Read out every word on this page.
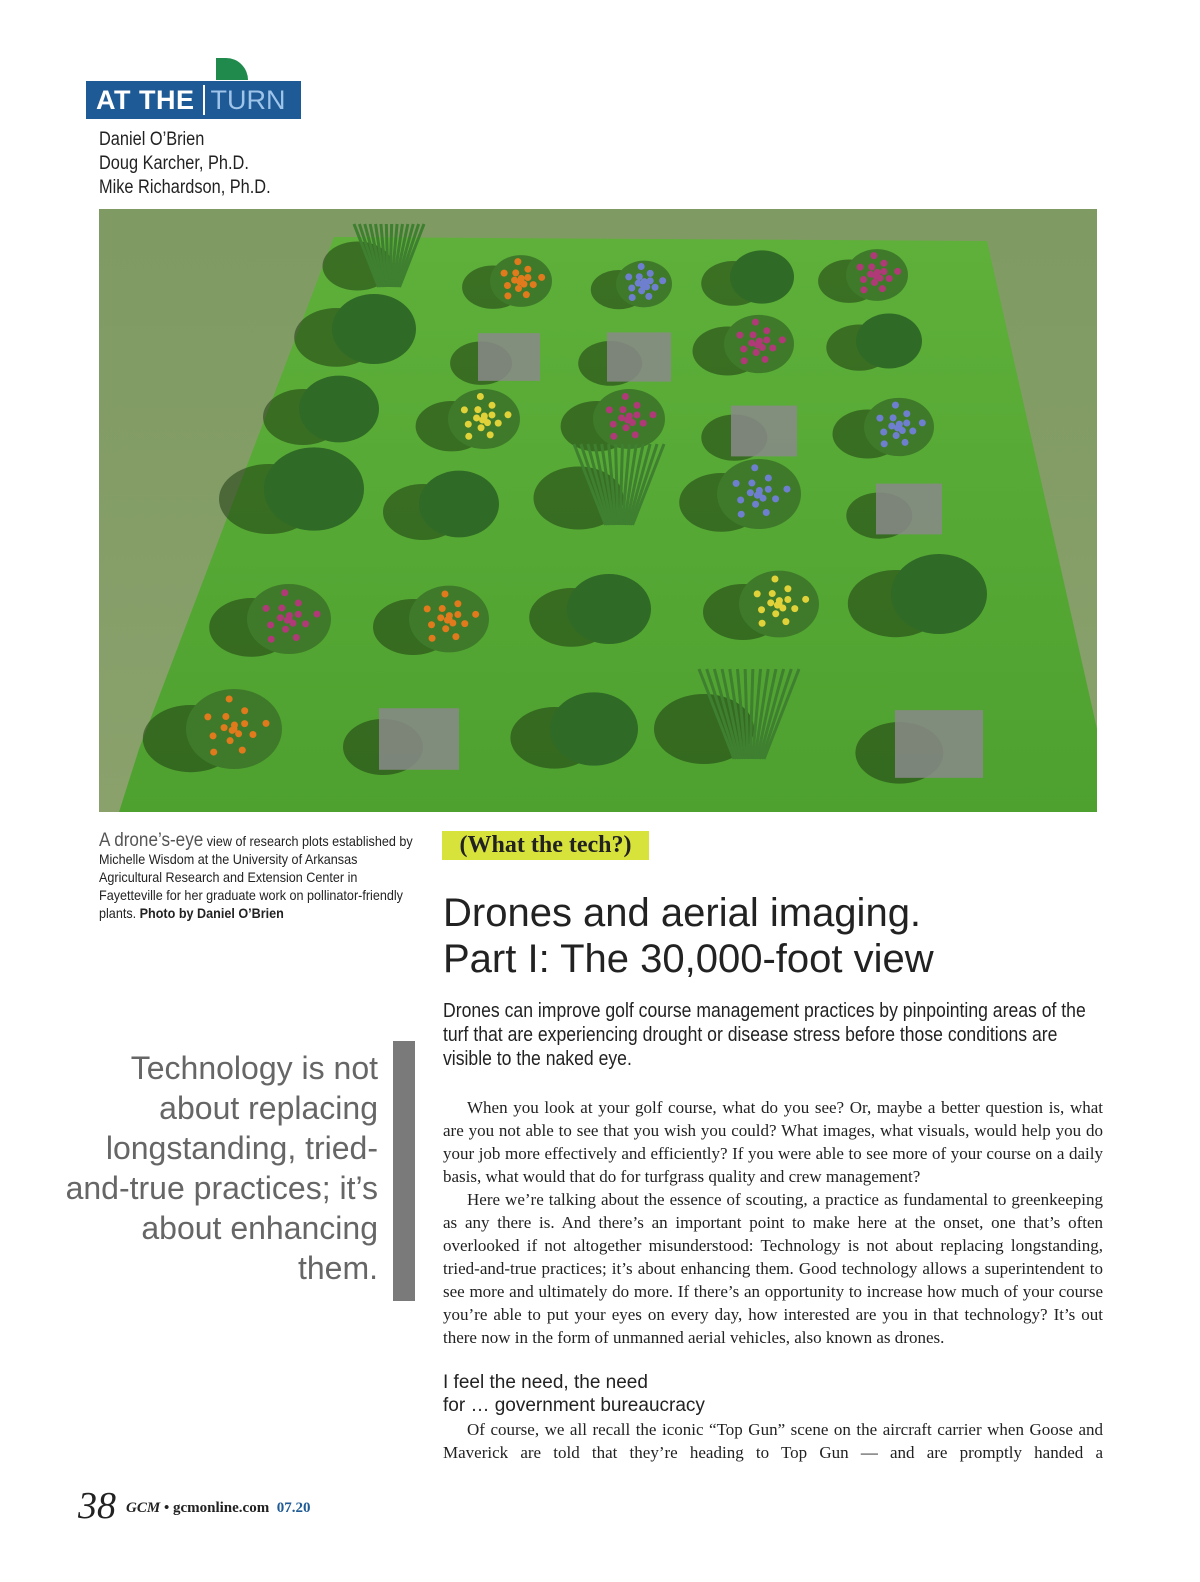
AT THE TURN
Daniel O’Brien
Doug Karcher, Ph.D.
Mike Richardson, Ph.D.
A drone’s-eye view of research plots established by Michelle Wisdom at the University of Arkansas Agricultural Research and Extension Center in Fayetteville for her graduate work on pollinator-friendly plants. Photo by Daniel O’Brien
(What the tech?)
Drones and aerial imaging.
Part I: The 30,000-foot view
Drones can improve golf course management practices by pinpointing areas of the turf that are experiencing drought or disease stress before those conditions are visible to the naked eye.
Technology is not about replacing longstanding, tried-and-true practices; it’s about enhancing them.

When you look at your golf course, what do you see? Or, maybe a better question is, what are you not able to see that you wish you could? What images, what visuals, would help you do your job more effectively and efficiently? If you were able to see more of your course on a daily basis, what would that do for turfgrass quality and crew management?

Here we’re talking about the essence of scouting, a practice as fundamental to greenkeeping as any there is. And there’s an important point to make here at the onset, one that’s often overlooked if not altogether misunderstood: Technology is not about replacing longstanding, tried-and-true practices; it’s about enhancing them. Good technology allows a superintendent to see more and ultimately do more. If there’s an opportunity to increase how much of your course you’re able to put your eyes on every day, how interested are you in that technology? It’s out there now in the form of unmanned aerial vehicles, also known as drones.

I feel the need, the need
for … government bureaucracy

Of course, we all recall the iconic “Top Gun” scene on the aircraft carrier when Goose and Maverick are told that they’re heading to Top Gun — and are promptly handed a

38 GCM • gcmonline.com 07.20
